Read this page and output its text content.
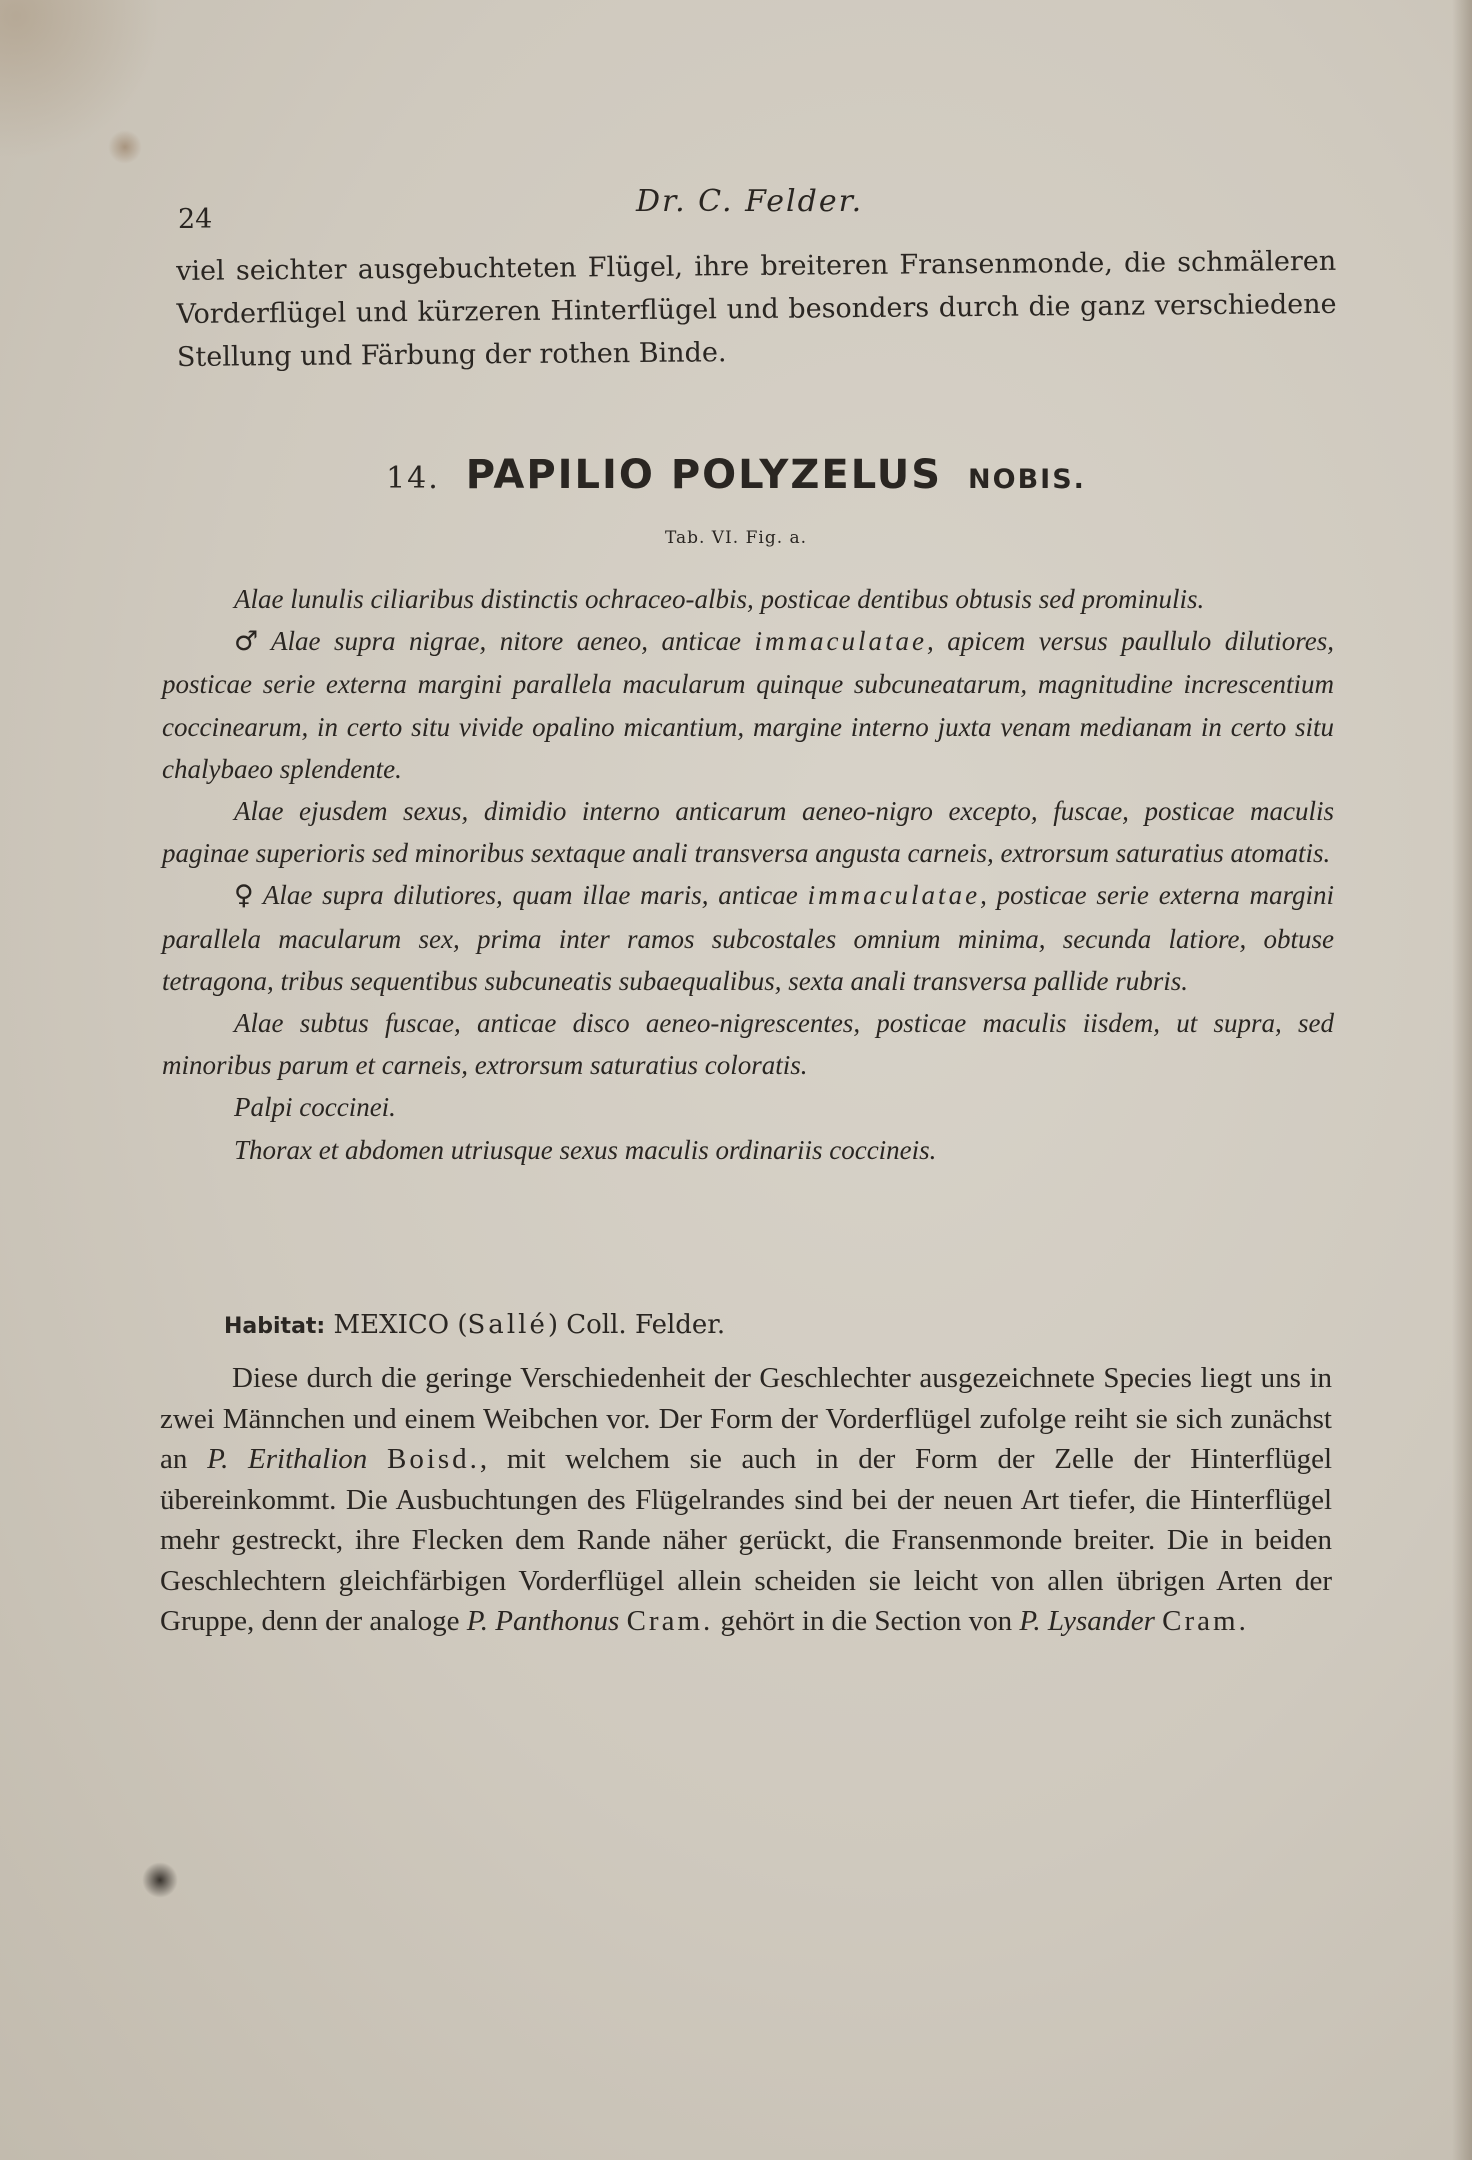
24
Dr. C. Felder.
viel seichter ausgebuchteten Flügel, ihre breiteren Fransenmonde, die schmäleren Vorderflügel und kürzeren Hinterflügel und besonders durch die ganz verschiedene Stellung und Färbung der rothen Binde.
14. PAPILIO POLYZELUS NOBIS.
Tab. VI. Fig. a.

Alae lunulis ciliaribus distinctis ochraceo-albis, posticae dentibus obtusis sed prominulis.

♂ Alae supra nigrae, nitore aeneo, anticae immaculatae, apicem versus paullulo dilutiores, posticae serie externa margini parallela macularum quinque subcuneatarum, magnitudine increscentium coccinearum, in certo situ vivide opalino micantium, margine interno juxta venam medianam in certo situ chalybaeo splendente.

Alae ejusdem sexus, dimidio interno anticarum aeneo-nigro excepto, fuscae, posticae maculis paginae superioris sed minoribus sextaque anali transversa angusta carneis, extrorsum saturatius atomatis.

♀ Alae supra dilutiores, quam illae maris, anticae immaculatae, posticae serie externa margini parallela macularum sex, prima inter ramos subcostales omnium minima, secunda latiore, obtuse tetragona, tribus sequentibus subcuneatis subaequalibus, sexta anali transversa pallide rubris.

Alae subtus fuscae, anticae disco aeneo-nigrescentes, posticae maculis iisdem, ut supra, sed minoribus parum et carneis, extrorsum saturatius coloratis.

Palpi coccinei.

Thorax et abdomen utriusque sexus maculis ordinariis coccineis.

Habitat: MEXICO (Sallé) Coll. Felder.
Diese durch die geringe Verschiedenheit der Geschlechter ausgezeichnete Species liegt uns in zwei Männchen und einem Weibchen vor. Der Form der Vorderflügel zufolge reiht sie sich zunächst an P. Erithalion Boisd., mit welchem sie auch in der Form der Zelle der Hinterflügel übereinkommt. Die Ausbuchtungen des Flügelrandes sind bei der neuen Art tiefer, die Hinterflügel mehr gestreckt, ihre Flecken dem Rande näher gerückt, die Fransenmonde breiter. Die in beiden Geschlechtern gleichfärbigen Vorderflügel allein scheiden sie leicht von allen übrigen Arten der Gruppe, denn der analoge P. Panthonus Cram. gehört in die Section von P. Lysander Cram.
